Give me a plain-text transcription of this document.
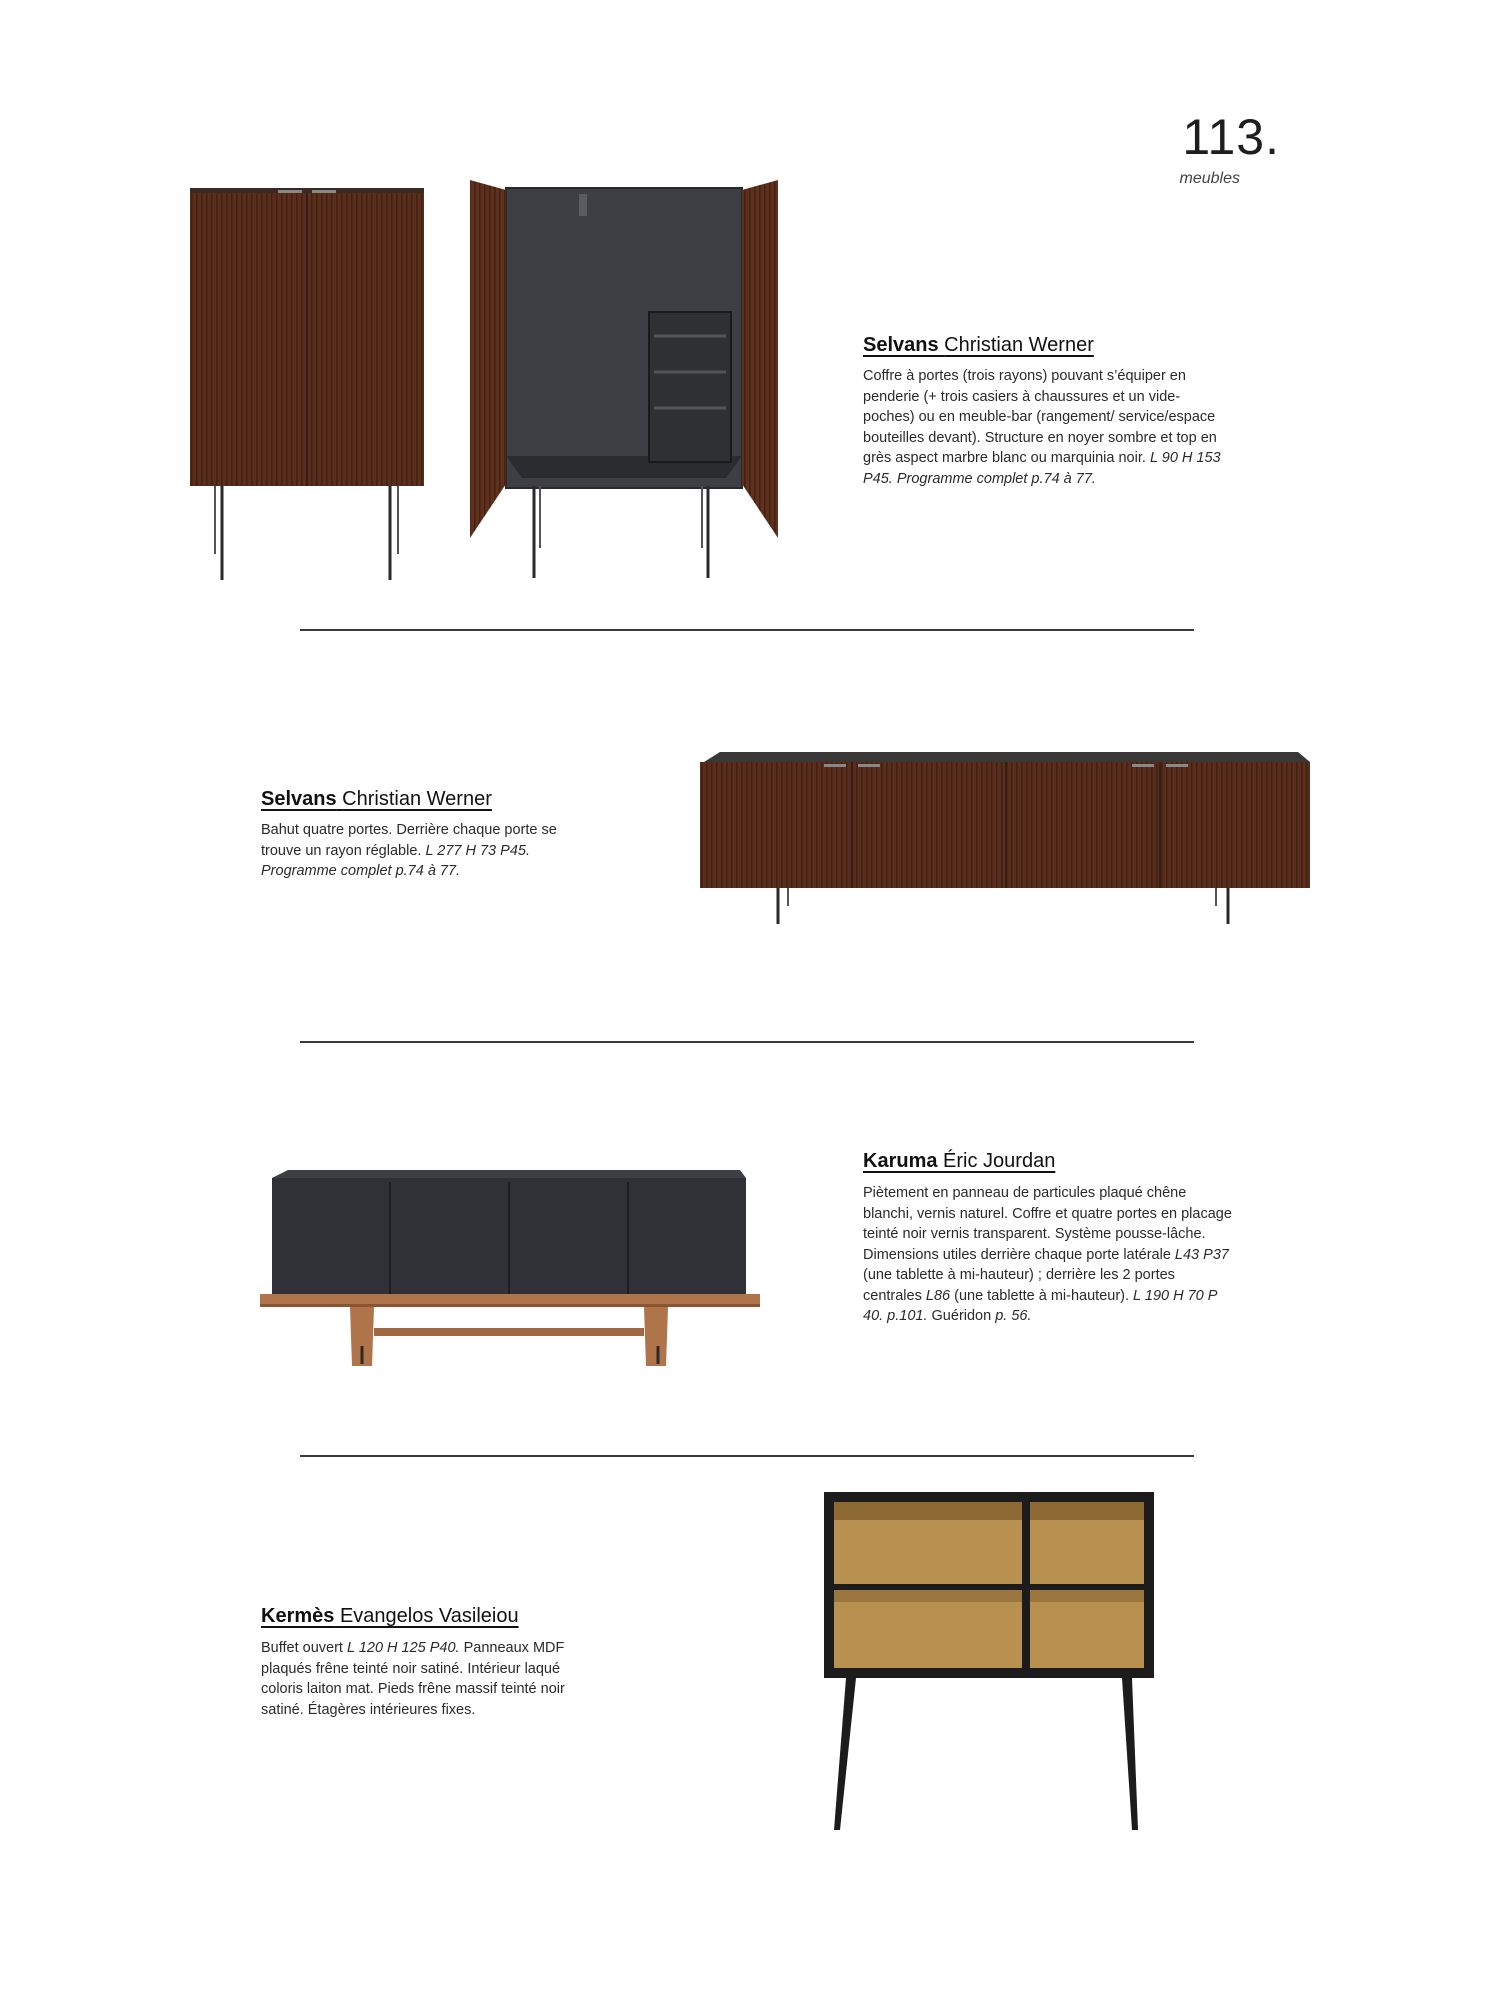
113.
meubles
Selvans Christian Werner
Coffre à portes (trois rayons) pouvant s’équiper en penderie (+ trois casiers à chaussures et un vide-poches) ou en meuble-bar (rangement/ service/espace bouteilles devant). Structure en noyer sombre et top en grès aspect marbre blanc ou marquinia noir. L 90 H 153 P45. Programme complet p.74 à 77.
Selvans Christian Werner
Bahut quatre portes. Derrière chaque porte se trouve un rayon réglable. L 277 H 73 P45. Programme complet p.74 à 77.
Karuma Éric Jourdan
Piètement en panneau de particules plaqué chêne blanchi, vernis naturel. Coffre et quatre portes en placage teinté noir vernis transparent. Système pousse-lâche. Dimensions utiles derrière chaque porte latérale L43 P37 (une tablette à mi-hauteur) ; derrière les 2 portes centrales L86 (une tablette à mi-hauteur). L 190 H 70 P 40. p.101. Guéridon p. 56.
Kermès Evangelos Vasileiou
Buffet ouvert L 120 H 125 P40. Panneaux MDF plaqués frêne teinté noir satiné. Intérieur laqué coloris laiton mat. Pieds frêne massif teinté noir satiné. Étagères intérieures fixes.
